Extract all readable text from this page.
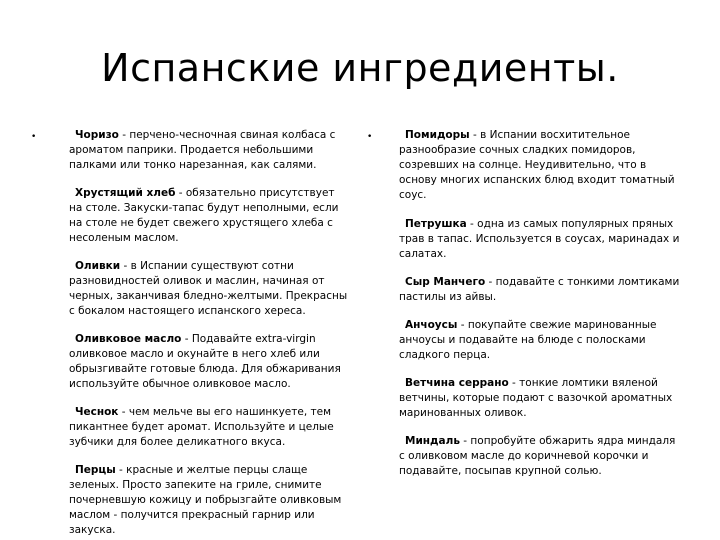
Испанские ингредиенты.
•	Чоризо - перчено-чесночная свиная колбаса с ароматом паприки. Продается небольшими палками или тонко нарезанная, как салями.

Хрустящий хлеб - обязательно присутствует на столе. Закуски-тапас будут неполными, если на столе не будет свежего хрустящего хлеба с несоленым маслом.

Оливки - в Испании существуют сотни разновидностей оливок и маслин, начиная от черных, заканчивая бледно-желтыми. Прекрасны с бокалом настоящего испанского хереса.

Оливковое масло - Подавайте extra-virgin оливковое масло и окунайте в него хлеб или обрызгивайте готовые блюда. Для обжаривания используйте обычное оливковое масло.

Чеснок - чем мельче вы его нашинкуете, тем пикантнее будет аромат. Используйте и целые зубчики для более деликатного вкуса.

Перцы - красные и желтые перцы слаще зеленых. Просто запеките на гриле, снимите почерневшую кожицу и побрызгайте оливковым маслом - получится прекрасный гарнир или закуска.

•	Помидоры - в Испании восхитительное разнообразие сочных сладких помидоров, созревших на солнце. Неудивительно, что в основу многих испанских блюд входит томатный соус.

Петрушка - одна из самых популярных пряных трав в тапас. Используется в соусах, маринадах и салатах.

Сыр Манчего - подавайте с тонкими ломтиками пастилы из айвы.

Анчоусы - покупайте свежие маринованные анчоусы и подавайте на блюде с полосками сладкого перца.

Ветчина серрано - тонкие ломтики вяленой ветчины, которые подают с вазочкой ароматных маринованных оливок.

Миндаль - попробуйте обжарить ядра миндаля с оливковом масле до коричневой корочки и подавайте, посыпав крупной солью.
